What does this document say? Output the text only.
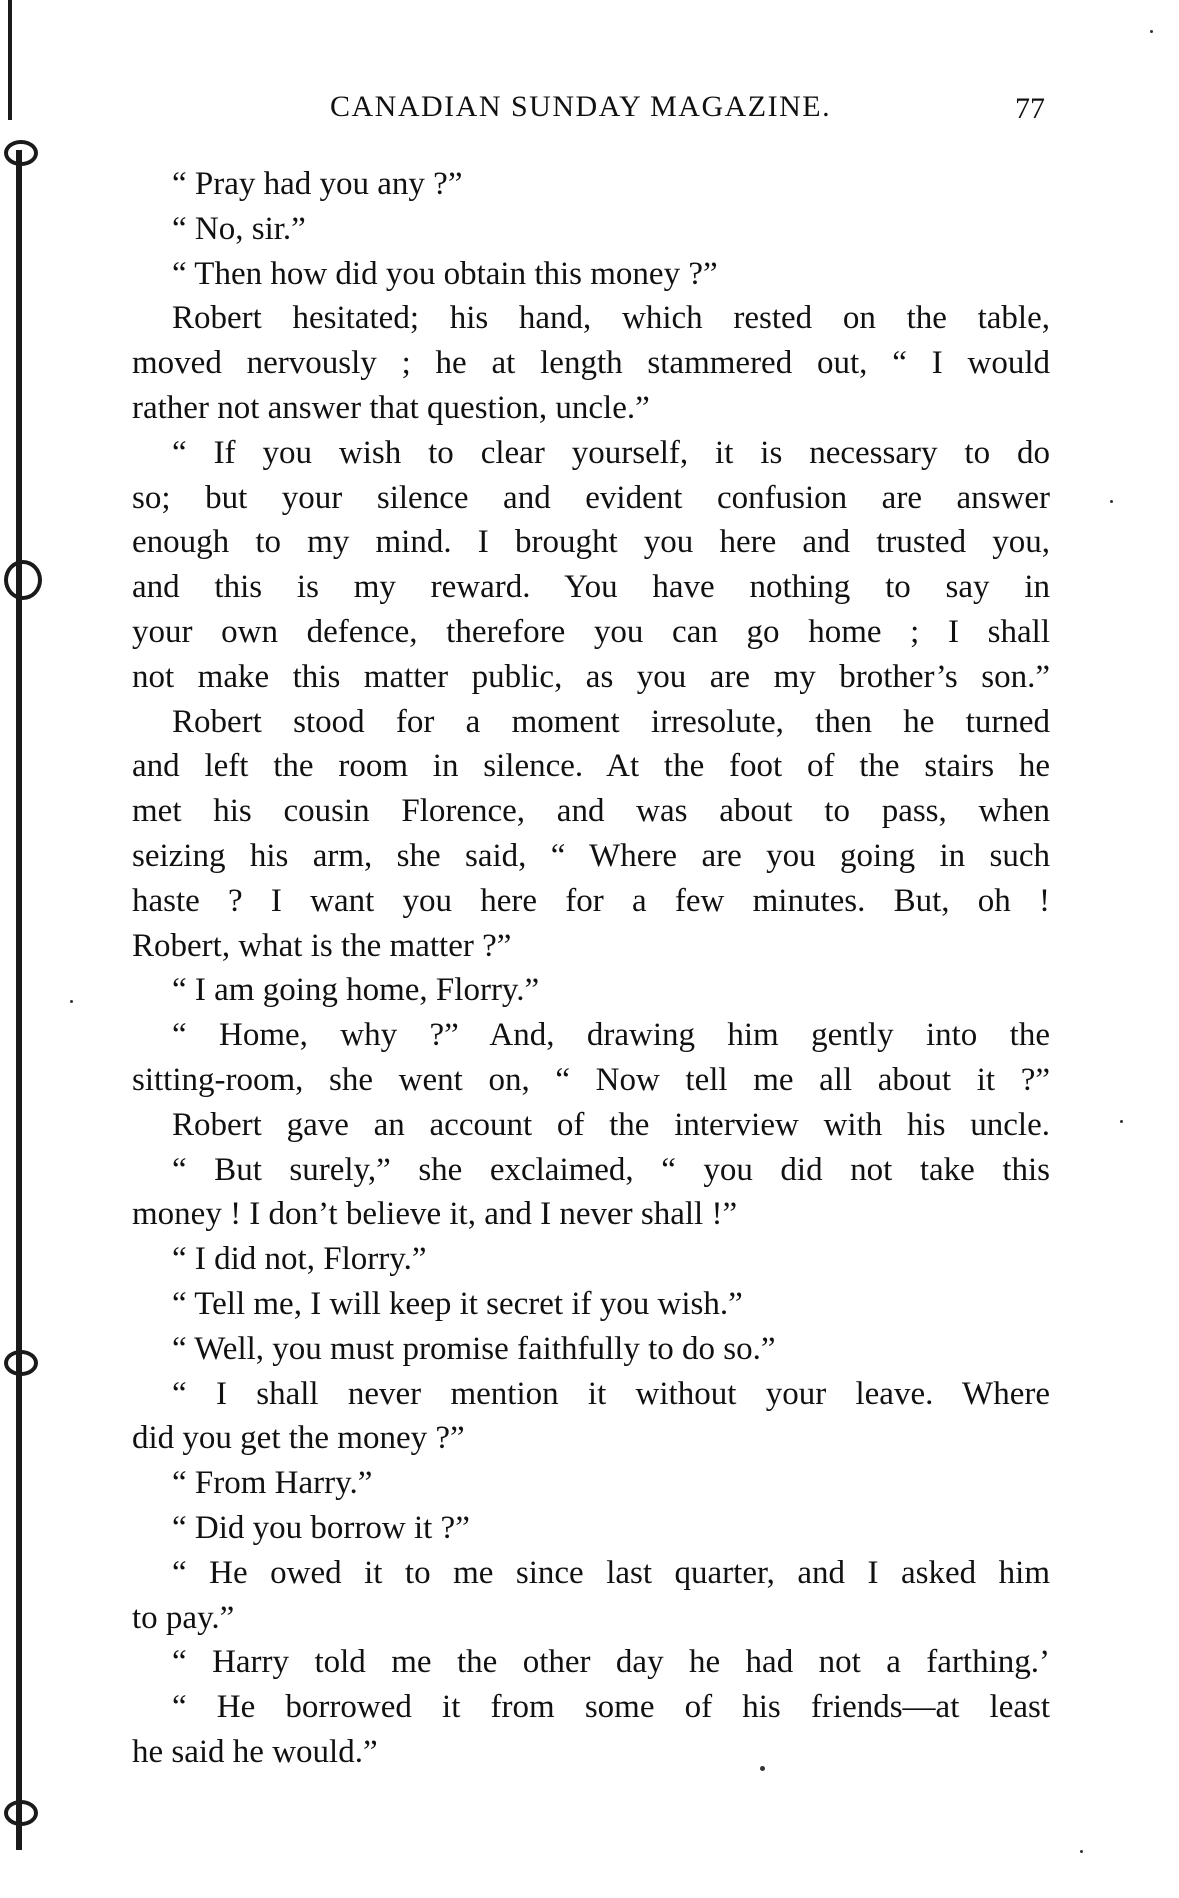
CANADIAN SUNDAY MAGAZINE.	77
“ Pray had you any ?”
“ No, sir.”
“ Then how did you obtain this money ?”
Robert hesitated; his hand, which rested on the table,
moved nervously ; he at length stammered out, “ I would
rather not answer that question, uncle.”
“ If you wish to clear yourself, it is necessary to do
so; but your silence and evident confusion are answer
enough to my mind. I brought you here and trusted you,
and this is my reward. You have nothing to say in
your own defence, therefore you can go home ; I shall
not make this matter public, as you are my brother’s son.”
Robert stood for a moment irresolute, then he turned
and left the room in silence. At the foot of the stairs he
met his cousin Florence, and was about to pass, when
seizing his arm, she said, “ Where are you going in such
haste ? I want you here for a few minutes. But, oh !
Robert, what is the matter ?”
“ I am going home, Florry.”
“ Home, why ?” And, drawing him gently into the
sitting-room, she went on, “ Now tell me all about it ?”
Robert gave an account of the interview with his uncle.
“ But surely,” she exclaimed, “ you did not take this
money ! I don’t believe it, and I never shall !”
“ I did not, Florry.”
“ Tell me, I will keep it secret if you wish.”
“ Well, you must promise faithfully to do so.”
“ I shall never mention it without your leave. Where
did you get the money ?”
“ From Harry.”
“ Did you borrow it ?”
“ He owed it to me since last quarter, and I asked him
to pay.”
“ Harry told me the other day he had not a farthing.’
“ He borrowed it from some of his friends—at least
he said he would.”
